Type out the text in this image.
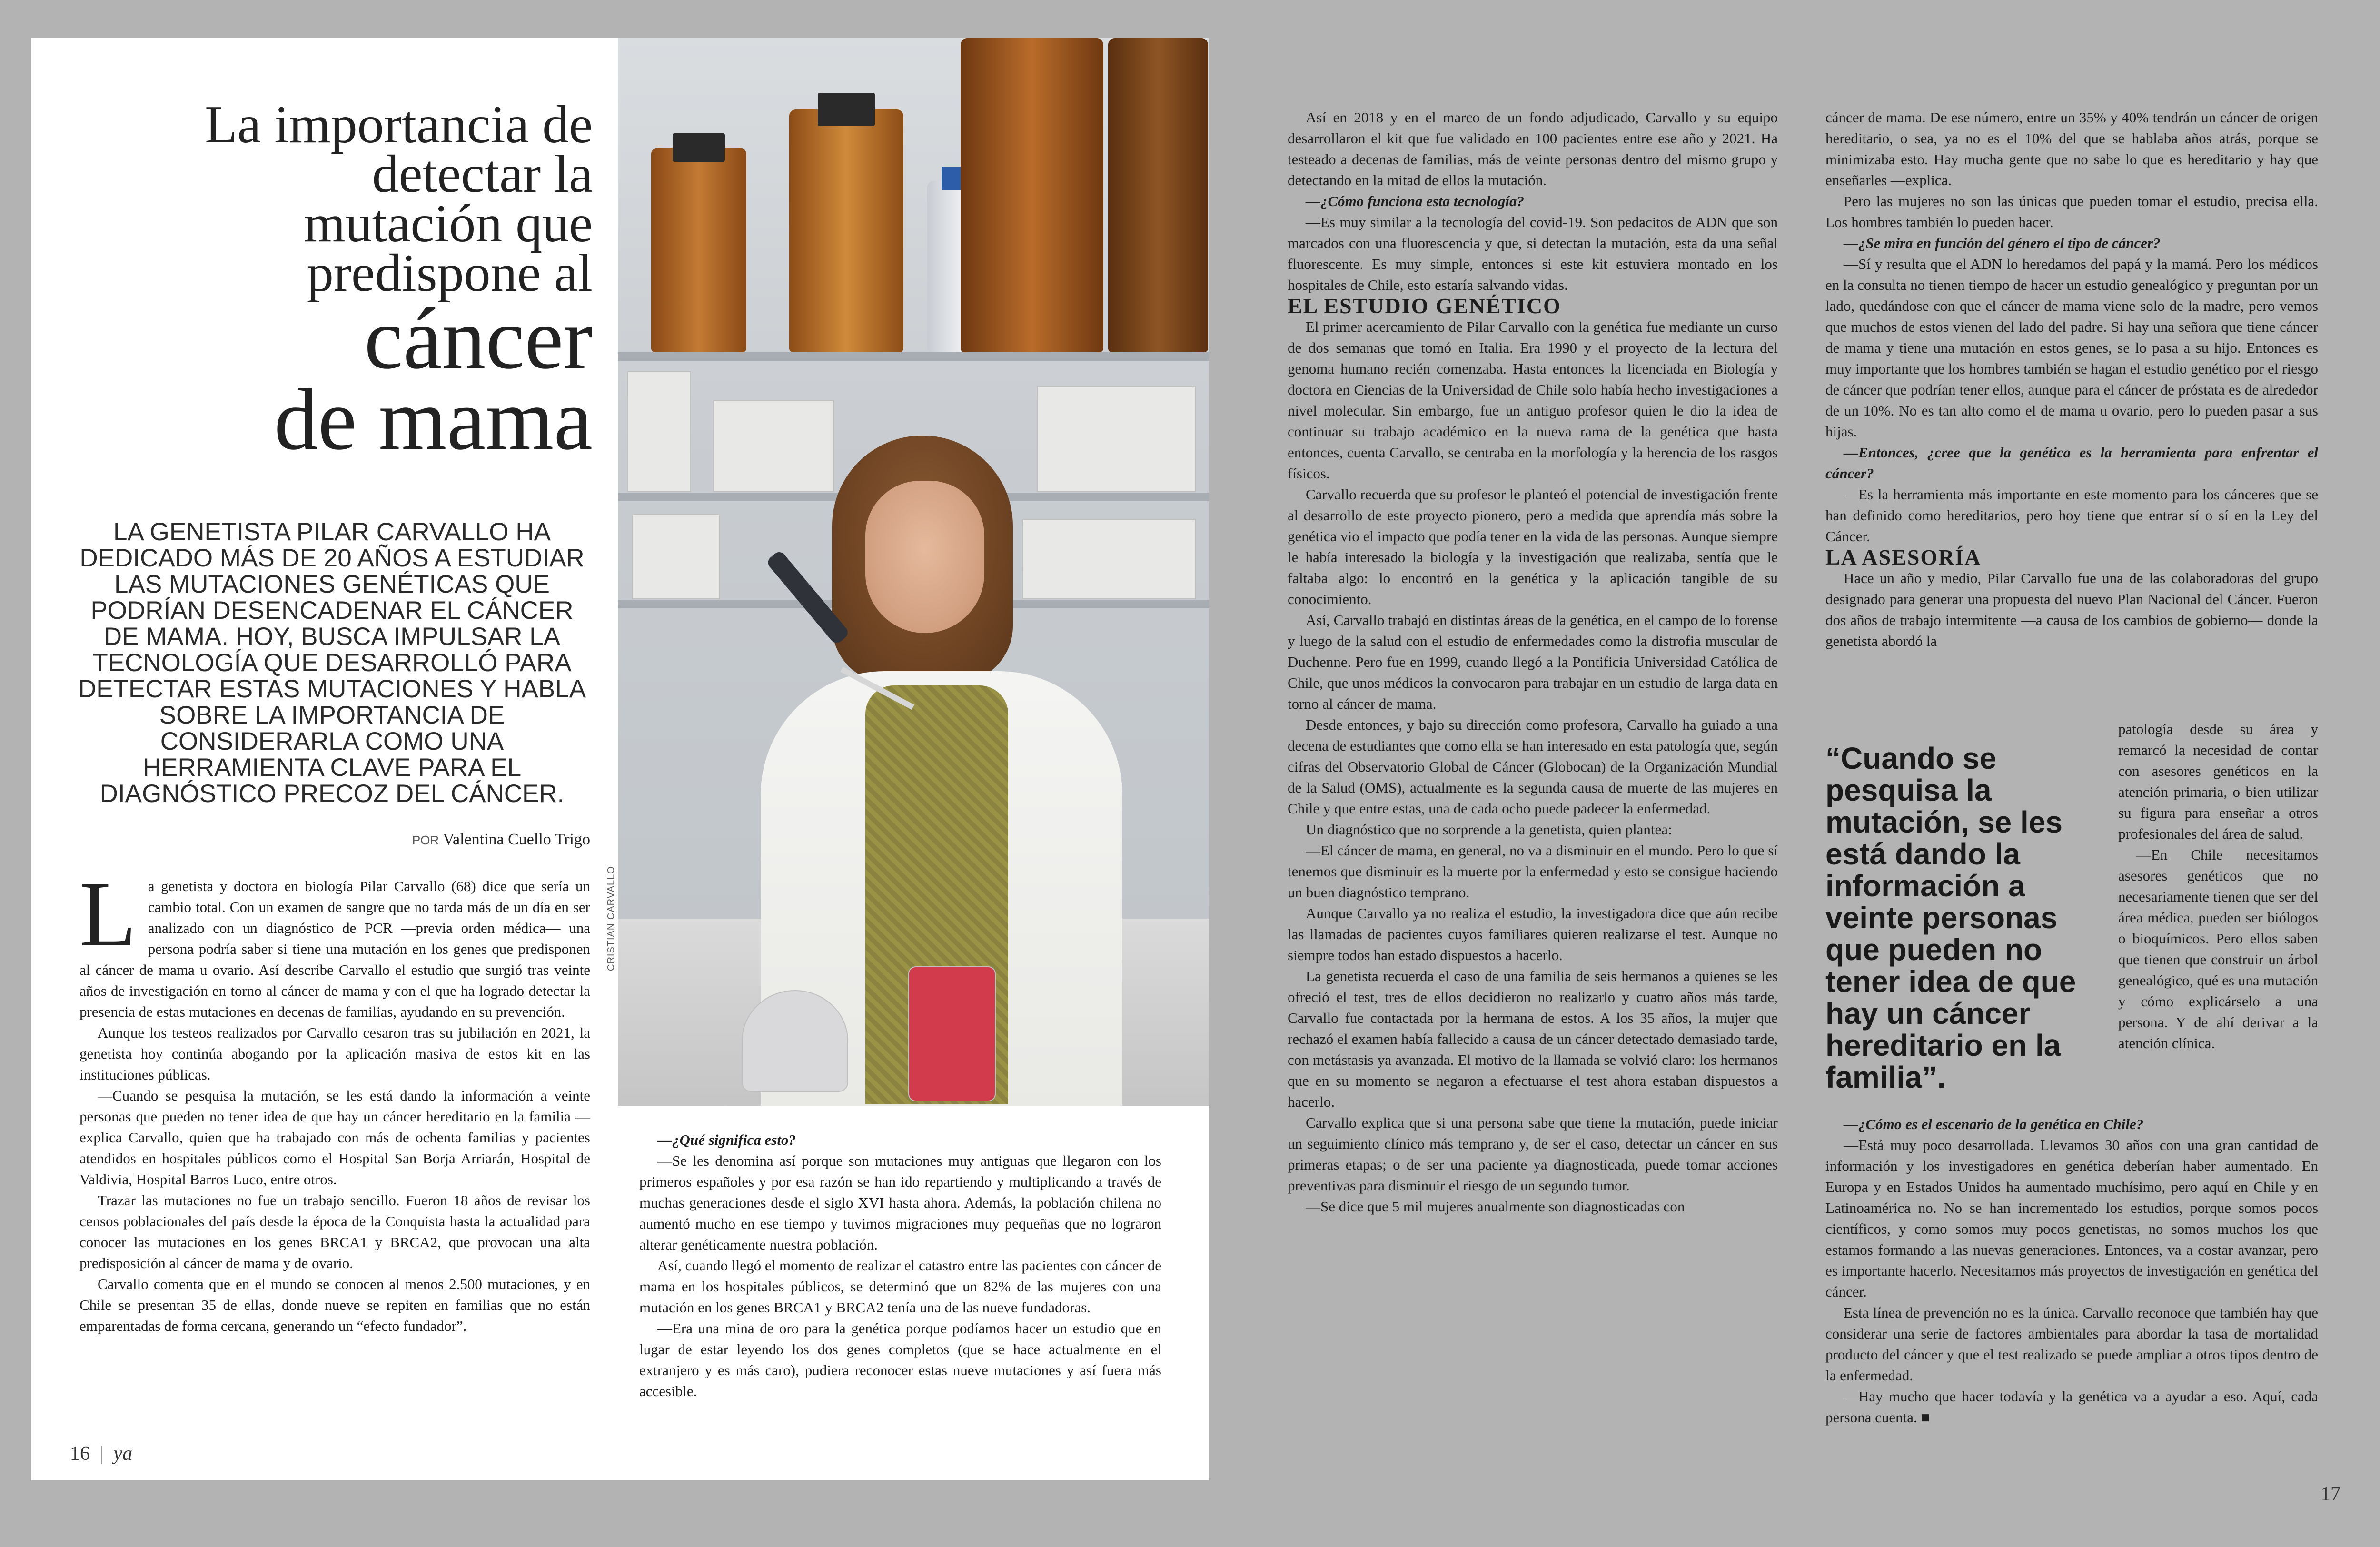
La importancia de
detectar la
mutación que
predispone al
cáncer
de mama
LA GENETISTA PILAR CARVALLO HA DEDICADO MÁS DE 20 AÑOS A ESTUDIAR LAS MUTACIONES GENÉTICAS QUE PODRÍAN DESENCADENAR EL CÁNCER DE MAMA. HOY, BUSCA IMPULSAR LA TECNOLOGÍA QUE DESARROLLÓ PARA DETECTAR ESTAS MUTACIONES Y HABLA SOBRE LA IMPORTANCIA DE CONSIDERARLA COMO UNA HERRAMIENTA CLAVE PARA EL DIAGNÓSTICO PRECOZ DEL CÁNCER.
POR Valentina Cuello Trigo
CRISTIAN CARVALLO

La genetista y doctora en biología Pilar Carvallo (68) dice que sería un cambio total. Con un examen de sangre que no tarda más de un día en ser analizado con un diagnóstico de PCR —previa orden médica— una persona podría saber si tiene una mutación en los genes que predisponen al cáncer de mama u ovario. Así describe Carvallo el estudio que surgió tras veinte años de investigación en torno al cáncer de mama y con el que ha logrado detectar la presencia de estas mutaciones en decenas de familias, ayudando en su prevención.

Aunque los testeos realizados por Carvallo cesaron tras su jubilación en 2021, la genetista hoy continúa abogando por la aplicación masiva de estos kit en las instituciones públicas.

—Cuando se pesquisa la mutación, se les está dando la información a veinte personas que pueden no tener idea de que hay un cáncer hereditario en la familia —explica Carvallo, quien que ha trabajado con más de ochenta familias y pacientes atendidos en hospitales públicos como el Hospital San Borja Arriarán, Hospital de Valdivia, Hospital Barros Luco, entre otros.

Trazar las mutaciones no fue un trabajo sencillo. Fueron 18 años de revisar los censos poblacionales del país desde la época de la Conquista hasta la actualidad para conocer las mutaciones en los genes BRCA1 y BRCA2, que provocan una alta predisposición al cáncer de mama y de ovario.

Carvallo comenta que en el mundo se conocen al menos 2.500 mutaciones, y en Chile se presentan 35 de ellas, donde nueve se repiten en familias que no están emparentadas de forma cercana, generando un “efecto fundador”.

—¿Qué significa esto?

—Se les denomina así porque son mutaciones muy antiguas que llegaron con los primeros españoles y por esa razón se han ido repartiendo y multiplicando a través de muchas generaciones desde el siglo XVI hasta ahora. Además, la población chilena no aumentó mucho en ese tiempo y tuvimos migraciones muy pequeñas que no lograron alterar genéticamente nuestra población.

Así, cuando llegó el momento de realizar el catastro entre las pacientes con cáncer de mama en los hospitales públicos, se determinó que un 82% de las mujeres con una mutación en los genes BRCA1 y BRCA2 tenía una de las nueve fundadoras.

—Era una mina de oro para la genética porque podíamos hacer un estudio que en lugar de estar leyendo los dos genes completos (que se hace actualmente en el extranjero y es más caro), pudiera reconocer estas nueve mutaciones y así fuera más accesible.

16 | ya

Así en 2018 y en el marco de un fondo adjudicado, Carvallo y su equipo desarrollaron el kit que fue validado en 100 pacientes entre ese año y 2021. Ha testeado a decenas de familias, más de veinte personas dentro del mismo grupo y detectando en la mitad de ellos la mutación.

—¿Cómo funciona esta tecnología?

—Es muy similar a la tecnología del covid-19. Son pedacitos de ADN que son marcados con una fluorescencia y que, si detectan la mutación, esta da una señal fluorescente. Es muy simple, entonces si este kit estuviera montado en los hospitales de Chile, esto estaría salvando vidas.

EL ESTUDIO GENÉTICO

El primer acercamiento de Pilar Carvallo con la genética fue mediante un curso de dos semanas que tomó en Italia. Era 1990 y el proyecto de la lectura del genoma humano recién comenzaba. Hasta entonces la licenciada en Biología y doctora en Ciencias de la Universidad de Chile solo había hecho investigaciones a nivel molecular. Sin embargo, fue un antiguo profesor quien le dio la idea de continuar su trabajo académico en la nueva rama de la genética que hasta entonces, cuenta Carvallo, se centraba en la morfología y la herencia de los rasgos físicos.

Carvallo recuerda que su profesor le planteó el potencial de investigación frente al desarrollo de este proyecto pionero, pero a medida que aprendía más sobre la genética vio el impacto que podía tener en la vida de las personas. Aunque siempre le había interesado la biología y la investigación que realizaba, sentía que le faltaba algo: lo encontró en la genética y la aplicación tangible de su conocimiento.

Así, Carvallo trabajó en distintas áreas de la genética, en el campo de lo forense y luego de la salud con el estudio de enfermedades como la distrofia muscular de Duchenne. Pero fue en 1999, cuando llegó a la Pontificia Universidad Católica de Chile, que unos médicos la convocaron para trabajar en un estudio de larga data en torno al cáncer de mama.

Desde entonces, y bajo su dirección como profesora, Carvallo ha guiado a una decena de estudiantes que como ella se han interesado en esta patología que, según cifras del Observatorio Global de Cáncer (Globocan) de la Organización Mundial de la Salud (OMS), actualmente es la segunda causa de muerte de las mujeres en Chile y que entre estas, una de cada ocho puede padecer la enfermedad.

Un diagnóstico que no sorprende a la genetista, quien plantea:

—El cáncer de mama, en general, no va a disminuir en el mundo. Pero lo que sí tenemos que disminuir es la muerte por la enfermedad y esto se consigue haciendo un buen diagnóstico temprano.

Aunque Carvallo ya no realiza el estudio, la investigadora dice que aún recibe las llamadas de pacientes cuyos familiares quieren realizarse el test. Aunque no siempre todos han estado dispuestos a hacerlo.

La genetista recuerda el caso de una familia de seis hermanos a quienes se les ofreció el test, tres de ellos decidieron no realizarlo y cuatro años más tarde, Carvallo fue contactada por la hermana de estos. A los 35 años, la mujer que rechazó el examen había fallecido a causa de un cáncer detectado demasiado tarde, con metástasis ya avanzada. El motivo de la llamada se volvió claro: los hermanos que en su momento se negaron a efectuarse el test ahora estaban dispuestos a hacerlo.

Carvallo explica que si una persona sabe que tiene la mutación, puede iniciar un seguimiento clínico más temprano y, de ser el caso, detectar un cáncer en sus primeras etapas; o de ser una paciente ya diagnosticada, puede tomar acciones preventivas para disminuir el riesgo de un segundo tumor.

—Se dice que 5 mil mujeres anualmente son diagnosticadas con

cáncer de mama. De ese número, entre un 35% y 40% tendrán un cáncer de origen hereditario, o sea, ya no es el 10% del que se hablaba años atrás, porque se minimizaba esto. Hay mucha gente que no sabe lo que es hereditario y hay que enseñarles —explica.

Pero las mujeres no son las únicas que pueden tomar el estudio, precisa ella. Los hombres también lo pueden hacer.

—¿Se mira en función del género el tipo de cáncer?

—Sí y resulta que el ADN lo heredamos del papá y la mamá. Pero los médicos en la consulta no tienen tiempo de hacer un estudio genealógico y preguntan por un lado, quedándose con que el cáncer de mama viene solo de la madre, pero vemos que muchos de estos vienen del lado del padre. Si hay una señora que tiene cáncer de mama y tiene una mutación en estos genes, se lo pasa a su hijo. Entonces es muy importante que los hombres también se hagan el estudio genético por el riesgo de cáncer que podrían tener ellos, aunque para el cáncer de próstata es de alrededor de un 10%. No es tan alto como el de mama u ovario, pero lo pueden pasar a sus hijas.

—Entonces, ¿cree que la genética es la herramienta para enfrentar el cáncer?

—Es la herramienta más importante en este momento para los cánceres que se han definido como hereditarios, pero hoy tiene que entrar sí o sí en la Ley del Cáncer.

LA ASESORÍA

Hace un año y medio, Pilar Carvallo fue una de las colaboradoras del grupo designado para generar una propuesta del nuevo Plan Nacional del Cáncer. Fueron dos años de trabajo intermitente —a causa de los cambios de gobierno— donde la genetista abordó la

patología desde su área y remarcó la necesidad de contar con asesores genéticos en la atención primaria, o bien utilizar su figura para enseñar a otros profesionales del área de salud.

—En Chile necesitamos asesores genéticos que no necesariamente tienen que ser del área médica, pueden ser biólogos o bioquímicos. Pero ellos saben que tienen que construir un árbol genealógico, qué es una mutación y cómo explicárselo a una persona. Y de ahí derivar a la atención clínica.

“Cuando se pesquisa la mutación, se les está dando la información a veinte personas que pueden no tener idea de que hay un cáncer hereditario en la familia”.

—¿Cómo es el escenario de la genética en Chile?

—Está muy poco desarrollada. Llevamos 30 años con una gran cantidad de información y los investigadores en genética deberían haber aumentado. En Europa y en Estados Unidos ha aumentado muchísimo, pero aquí en Chile y en Latinoamérica no. No se han incrementado los estudios, porque somos pocos científicos, y como somos muy pocos genetistas, no somos muchos los que estamos formando a las nuevas generaciones. Entonces, va a costar avanzar, pero es importante hacerlo. Necesitamos más proyectos de investigación en genética del cáncer.

Esta línea de prevención no es la única. Carvallo reconoce que también hay que considerar una serie de factores ambientales para abordar la tasa de mortalidad producto del cáncer y que el test realizado se puede ampliar a otros tipos dentro de la enfermedad.

—Hay mucho que hacer todavía y la genética va a ayudar a eso. Aquí, cada persona cuenta. ■

17
